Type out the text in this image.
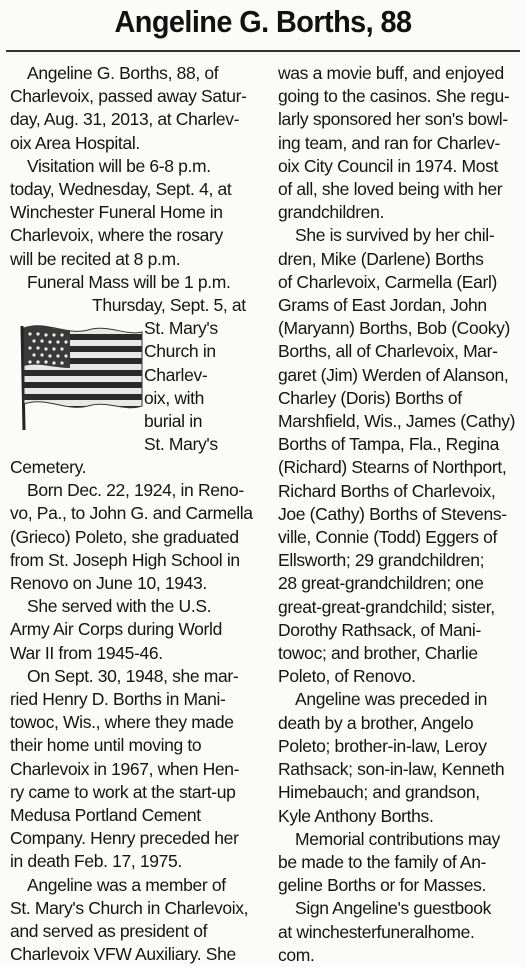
Angeline G. Borths, 88

Angeline G. Borths, 88, of
Charlevoix, passed away Satur-
day, Aug. 31, 2013, at Charlev-
oix Area Hospital.

Visitation will be 6-8 p.m.
today, Wednesday, Sept. 4, at
Winchester Funeral Home in
Charlevoix, where the rosary
will be recited at 8 p.m.

Funeral Mass will be 1 p.m.

Thursday, Sept. 5, at
St. Mary's
Church in
Charlev-
oix, with
burial in
St. Mary's

Cemetery.

Born Dec. 22, 1924, in Reno-
vo, Pa., to John G. and Carmella
(Grieco) Poleto, she graduated
from St. Joseph High School in
Renovo on June 10, 1943.

She served with the U.S.
Army Air Corps during World
War II from 1945-46.

On Sept. 30, 1948, she mar-
ried Henry D. Borths in Mani-
towoc, Wis., where they made
their home until moving to
Charlevoix in 1967, when Hen-
ry came to work at the start-up
Medusa Portland Cement
Company. Henry preceded her
in death Feb. 17, 1975.

Angeline was a member of
St. Mary's Church in Charlevoix,
and served as president of
Charlevoix VFW Auxiliary. She

was a movie buff, and enjoyed
going to the casinos. She regu-
larly sponsored her son's bowl-
ing team, and ran for Charlev-
oix City Council in 1974. Most
of all, she loved being with her
grandchildren.

She is survived by her chil-
dren, Mike (Darlene) Borths
of Charlevoix, Carmella (Earl)
Grams of East Jordan, John
(Maryann) Borths, Bob (Cooky)
Borths, all of Charlevoix, Mar-
garet (Jim) Werden of Alanson,
Charley (Doris) Borths of
Marshfield, Wis., James (Cathy)
Borths of Tampa, Fla., Regina
(Richard) Stearns of Northport,
Richard Borths of Charlevoix,
Joe (Cathy) Borths of Stevens-
ville, Connie (Todd) Eggers of
Ellsworth; 29 grandchildren;
28 great-grandchildren; one
great-great-grandchild; sister,
Dorothy Rathsack, of Mani-
towoc; and brother, Charlie
Poleto, of Renovo.

Angeline was preceded in
death by a brother, Angelo
Poleto; brother-in-law, Leroy
Rathsack; son-in-law, Kenneth
Himebauch; and grandson,
Kyle Anthony Borths.

Memorial contributions may
be made to the family of An-
geline Borths or for Masses.

Sign Angeline's guestbook
at winchesterfuneralhome.
com.
